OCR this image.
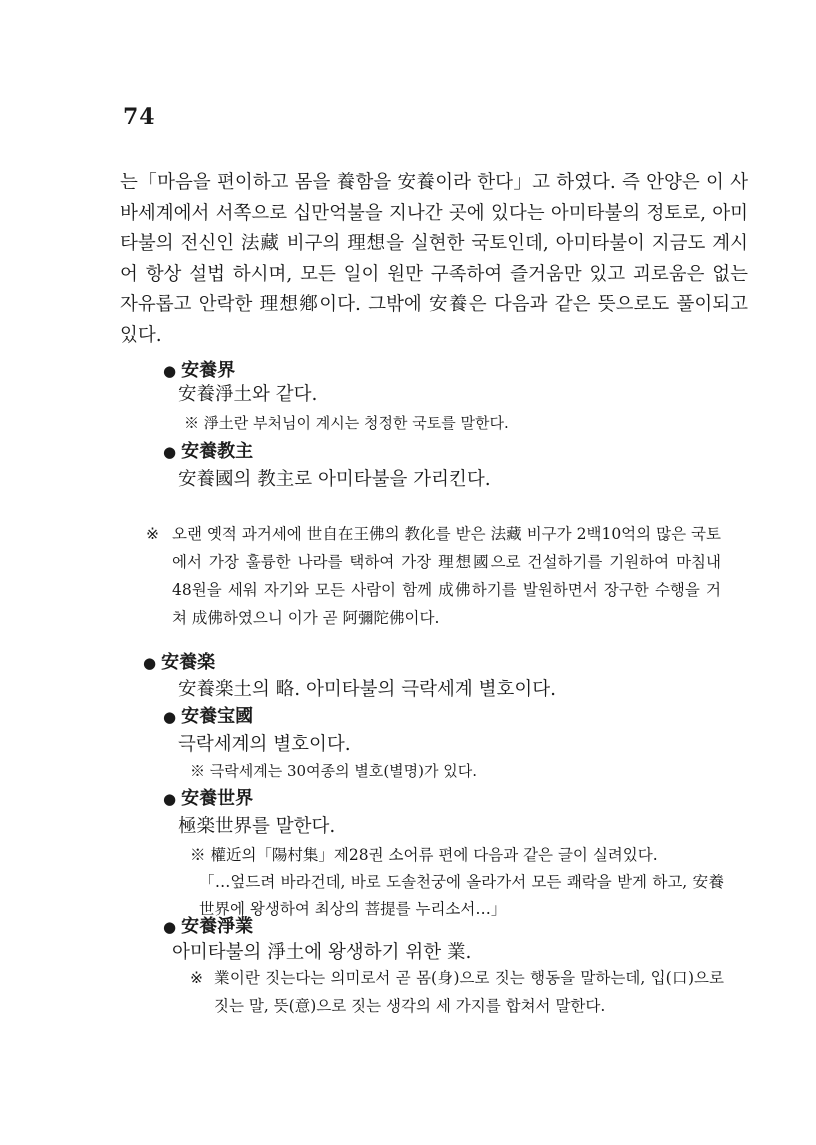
74
는「마음을 편이하고 몸을 養함을 安養이라 한다」고 하였다. 즉 안양은 이 사바세계에서 서쪽으로 십만억불을 지나간 곳에 있다는 아미타불의 정토로, 아미타불의 전신인 法藏 비구의 理想을 실현한 국토인데, 아미타불이 지금도 계시어 항상 설법 하시며, 모든 일이 원만 구족하여 즐거움만 있고 괴로움은 없는 자유롭고 안락한 理想鄕이다. 그밖에 安養은 다음과 같은 뜻으로도 풀이되고 있다.
● 安養界
安養淨土와 같다.
※ 淨土란 부처님이 계시는 청정한 국토를 말한다.
● 安養教主
安養國의 教主로 아미타불을 가리킨다.
※ 오랜 옛적 과거세에 世自在王佛의 教化를 받은 法藏 비구가 2백10억의 많은 국토에서 가장 훌륭한 나라를 택하여 가장 理想國으로 건설하기를 기원하여 마침내 48원을 세워 자기와 모든 사람이 함께 成佛하기를 발원하면서 장구한 수행을 거쳐 成佛하였으니 이가 곧 阿彌陀佛이다.
● 安養楽
安養楽土의 略. 아미타불의 극락세계 별호이다.
● 安養宝國
극락세계의 별호이다.
※ 극락세계는 30여종의 별호(별명)가 있다.
● 安養世界
極楽世界를 말한다.
※ 權近의「陽村集」제28권 소어류 편에 다음과 같은 글이 실려있다.
「…엎드려 바라건데, 바로 도솔천궁에 올라가서 모든 쾌락을 받게 하고, 安養世界에 왕생하여 최상의 菩提를 누리소서…」
● 安養淨業
아미타불의 淨土에 왕생하기 위한 業.
※ 業이란 짓는다는 의미로서 곧 몸(身)으로 짓는 행동을 말하는데, 입(口)으로 짓는 말, 뜻(意)으로 짓는 생각의 세 가지를 합쳐서 말한다.
